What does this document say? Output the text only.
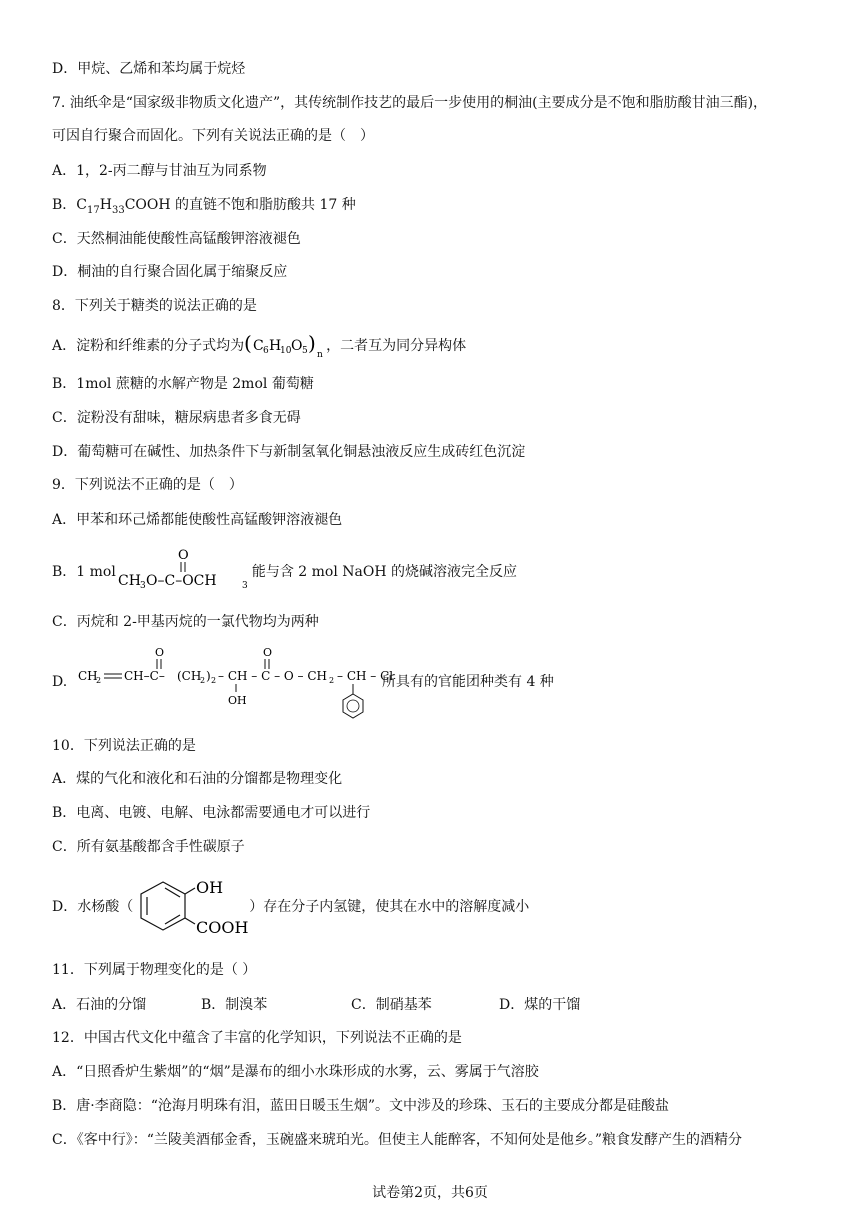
D．甲烷、乙烯和苯均属于烷烃
7. 油纸伞是“国家级非物质文化遗产”，其传统制作技艺的最后一步使用的桐油(主要成分是不饱和脂肪酸甘油三酯)，
可因自行聚合而固化。下列有关说法正确的是（　）
A．1，2-丙二醇与甘油互为同系物
B．$C_{17}H_{33}COOH$ 的直链不饱和脂肪酸共 17 种
C．天然桐油能使酸性高锰酸钾溶液褪色
D．桐油的自行聚合固化属于缩聚反应
8．下列关于糖类的说法正确的是
A．淀粉和纤维素的分子式均为 ( C 6 H
10 O 5 ) n
，二者互为同分异构体
B．1mol 蔗糖的水解产物是 2mol 葡萄糖
C．淀粉没有甜味，糖尿病患者多食无碍
D．葡萄糖可在碱性、加热条件下与新制氢氧化铜悬浊液反应生成砖红色沉淀
9．下列说法不正确的是（　）
A．甲苯和环己烯都能使酸性高锰酸钾溶液褪色
B．1 mol
O
CH 3 O–C–OCH	3
能与含 2 mol NaOH 的烧碱溶液完全反应
C．丙烷和 2-甲基丙烷的一氯代物均为两种
D. CH
2 CH–C–
O
(CH
2 ) 2 – CH – C – O – CH 2 – CH – Cl
OH
O
所具有的官能团种类有 4 种
10．下列说法正确的是
A．煤的气化和液化和石油的分馏都是物理变化
B．电离、电镀、电解、电泳都需要通电才可以进行
C．所有氨基酸都含手性碳原子
D．水杨酸（
OH
COOH
）存在分子内氢键，使其在水中的溶解度减小
11．下列属于物理变化的是（ ）
A．石油的分馏	B．制溴苯	C．制硝基苯	D．煤的干馏
12．中国古代文化中蕴含了丰富的化学知识，下列说法不正确的是
A．“日照香炉生紫烟”的“烟”是瀑布的细小水珠形成的水雾，云、雾属于气溶胶
B．唐·李商隐：“沧海月明珠有泪，蓝田日暖玉生烟”。文中涉及的珍珠、玉石的主要成分都是硅酸盐
C．《客中行》：“兰陵美酒郁金香，玉碗盛来琥珀光。但使主人能醉客，不知何处是他乡。”粮食发酵产生的酒精分
试卷第2页，共6页
